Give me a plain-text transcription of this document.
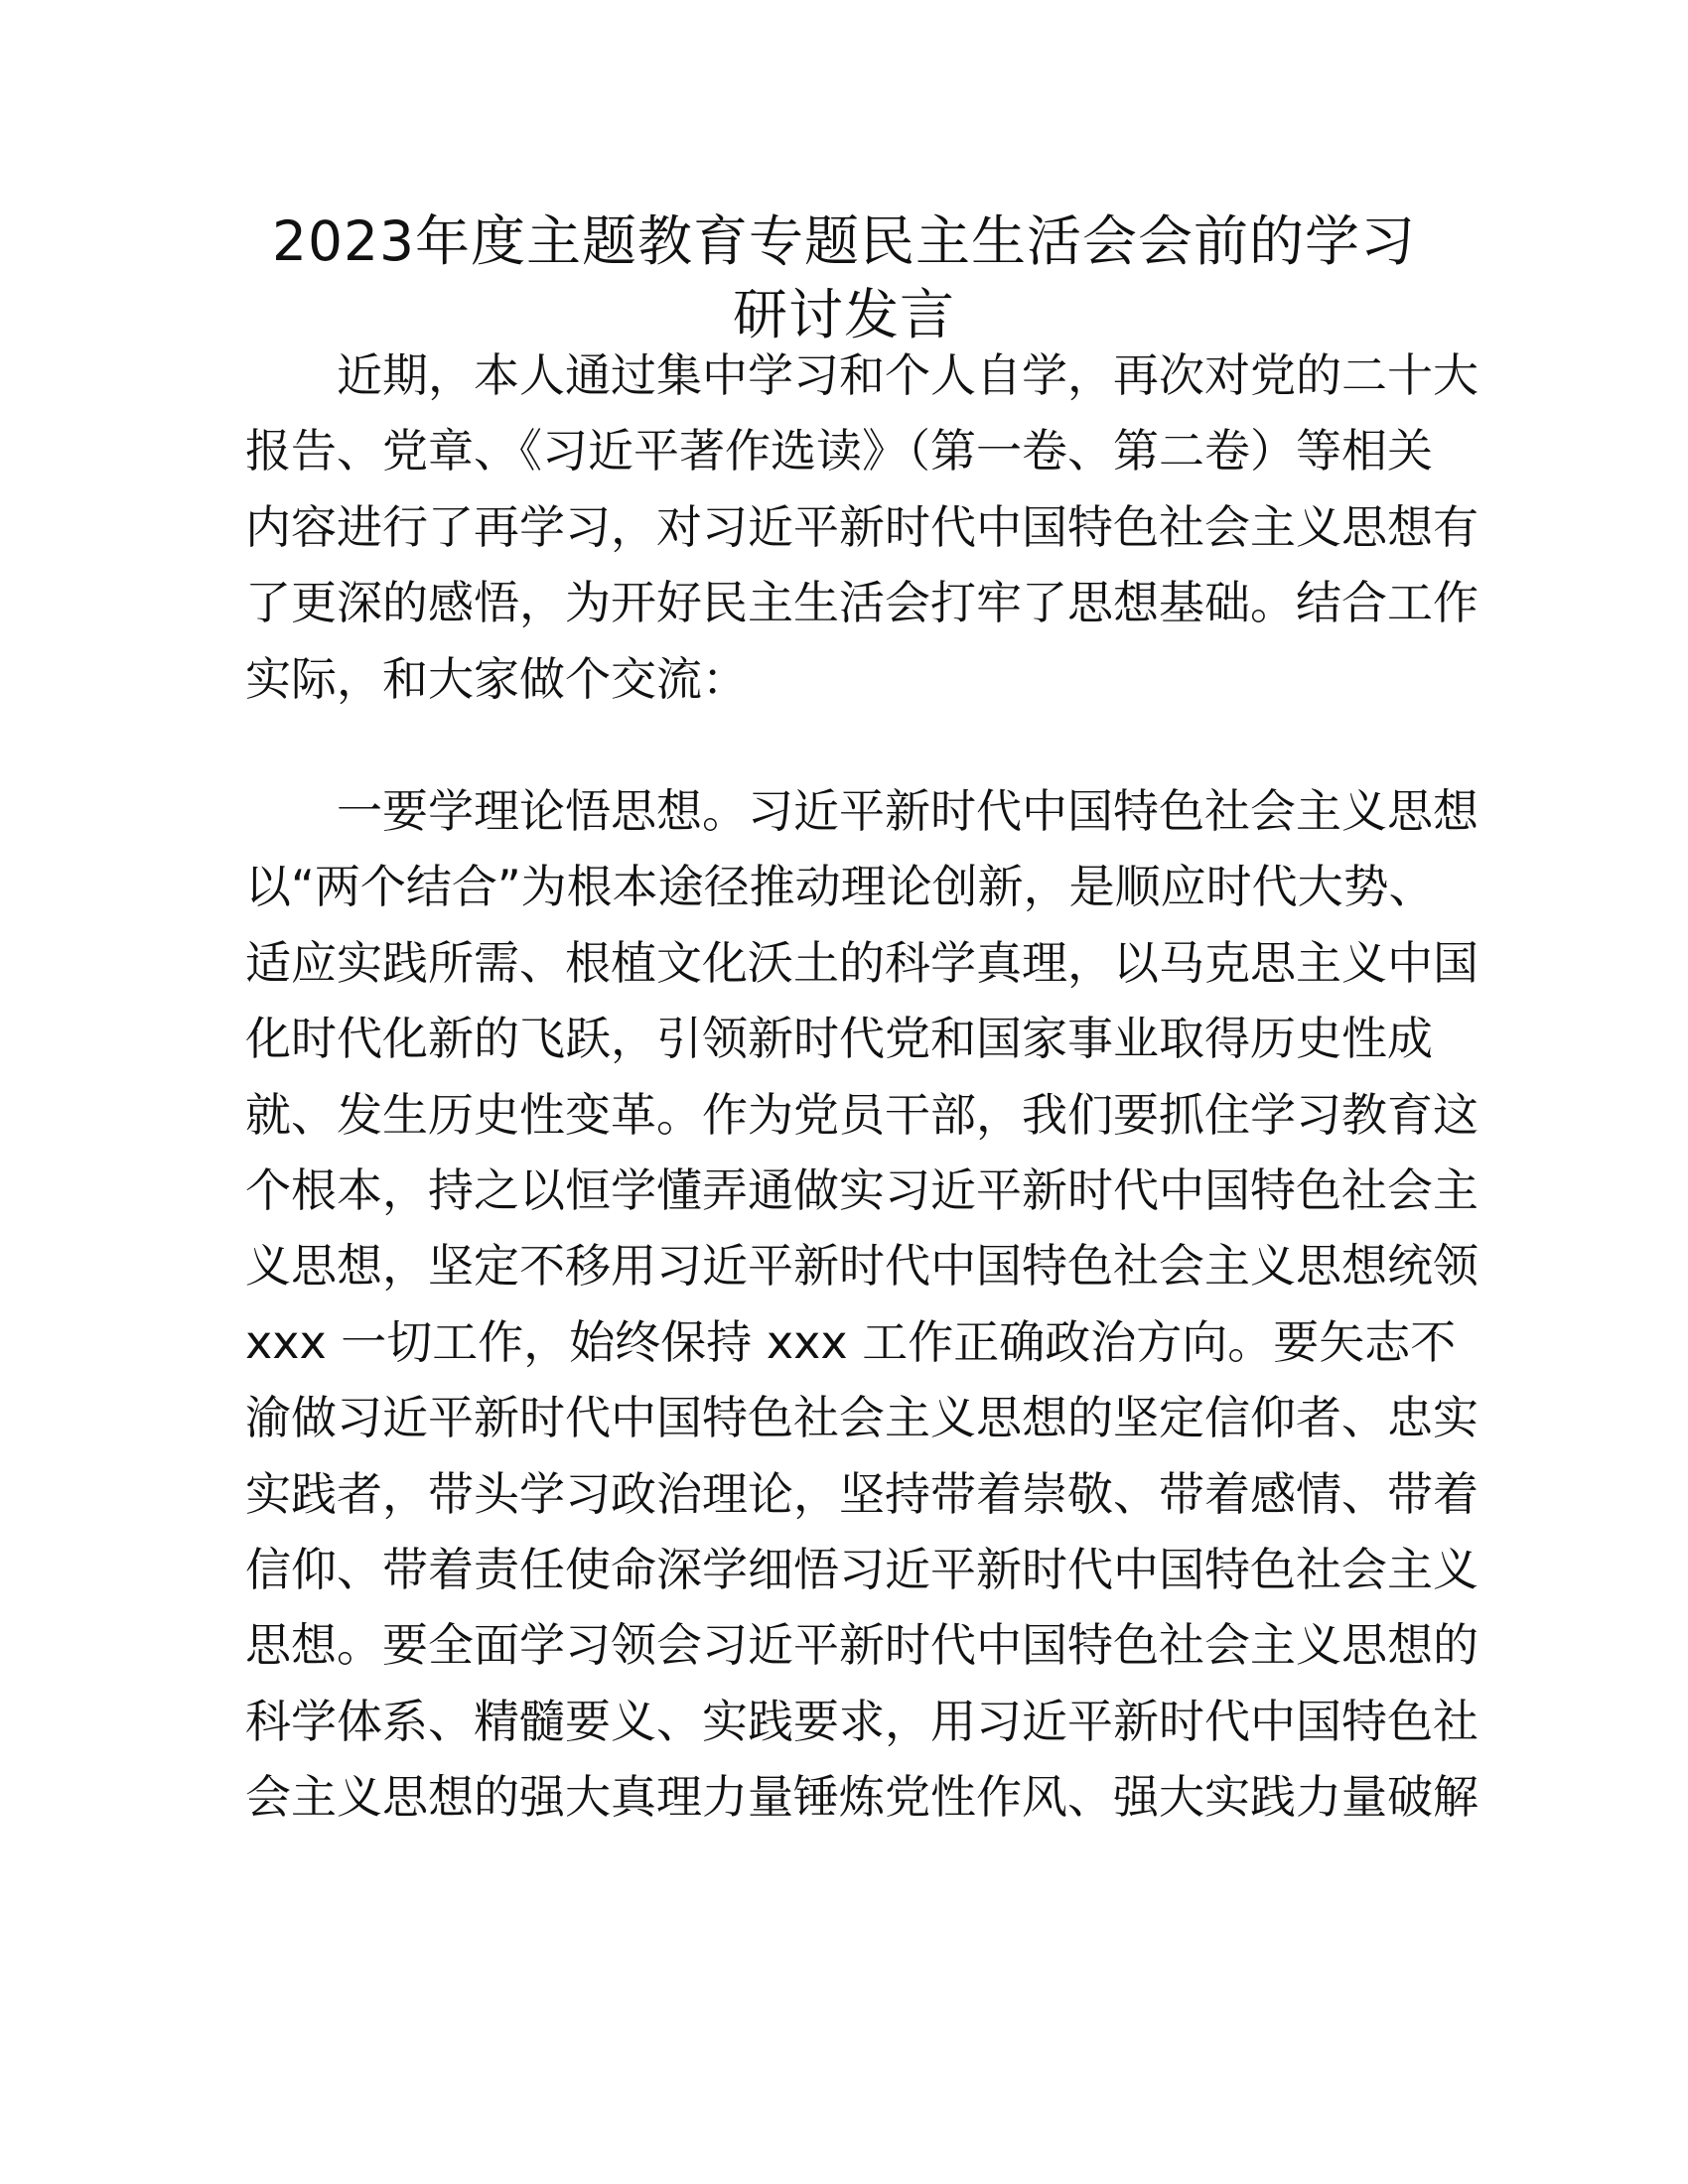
2023年度主题教育专题民主生活会会前的学习
研讨发言
近期，本人通过集中学习和个人自学，再次对党的二十大
报告、党章、《习近平著作选读》（第一卷、第二卷）等相关
内容进行了再学习，对习近平新时代中国特色社会主义思想有
了更深的感悟，为开好民主生活会打牢了思想基础。结合工作
实际，和大家做个交流：
一要学理论悟思想。习近平新时代中国特色社会主义思想
以“两个结合”为根本途径推动理论创新，是顺应时代大势、
适应实践所需、根植文化沃土的科学真理，以马克思主义中国
化时代化新的飞跃，引领新时代党和国家事业取得历史性成
就、发生历史性变革。作为党员干部，我们要抓住学习教育这
个根本，持之以恒学懂弄通做实习近平新时代中国特色社会主
义思想，坚定不移用习近平新时代中国特色社会主义思想统领
xxx 一切工作，始终保持 xxx 工作正确政治方向。要矢志不
渝做习近平新时代中国特色社会主义思想的坚定信仰者、忠实
实践者，带头学习政治理论，坚持带着崇敬、带着感情、带着
信仰、带着责任使命深学细悟习近平新时代中国特色社会主义
思想。要全面学习领会习近平新时代中国特色社会主义思想的
科学体系、精髓要义、实践要求，用习近平新时代中国特色社
会主义思想的强大真理力量锤炼党性作风、强大实践力量破解
